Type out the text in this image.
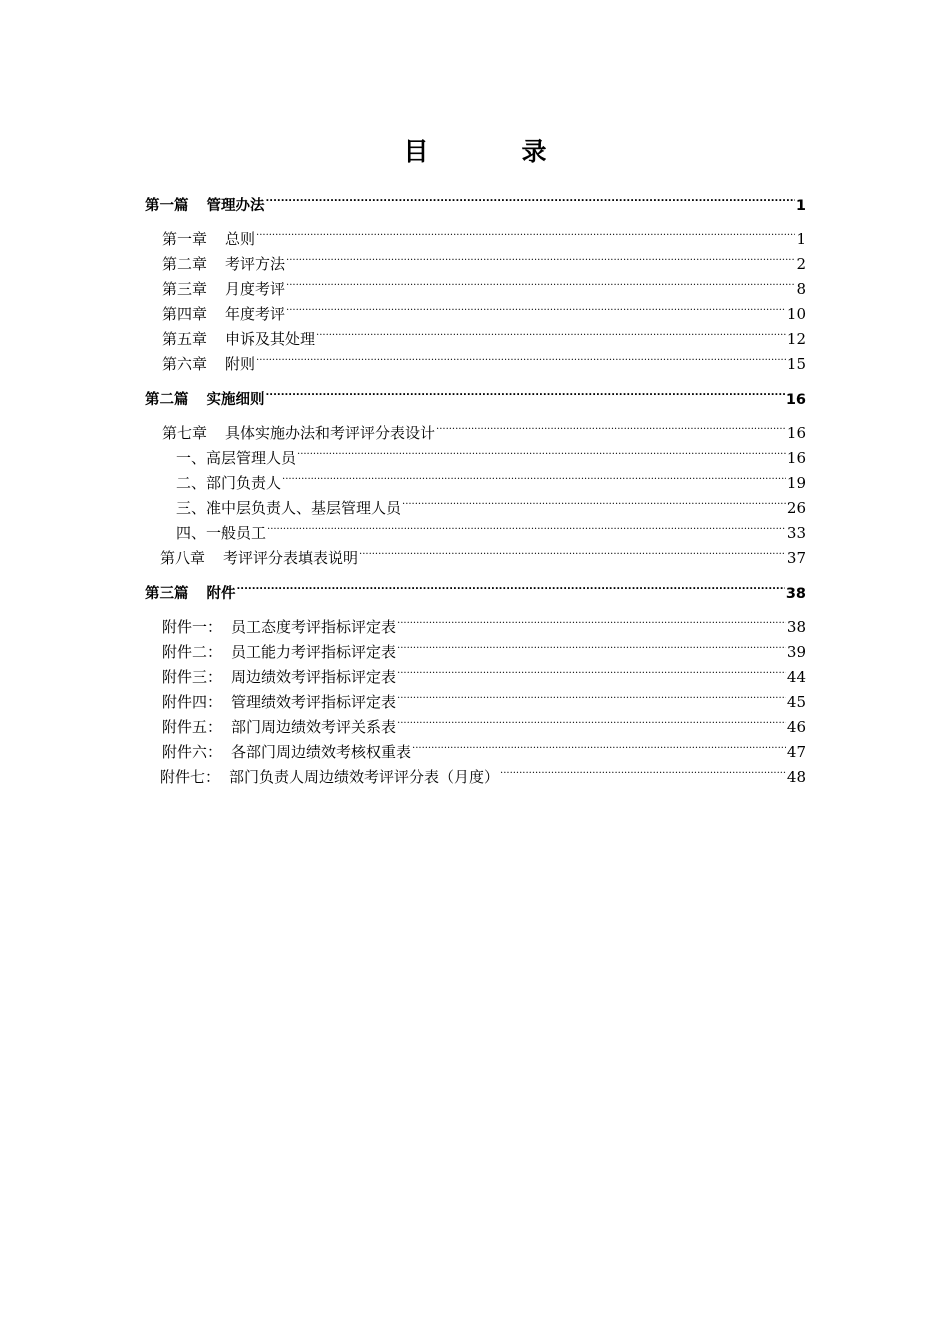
目　录
第一篇 管理办法 .....	1
第一章 总则 .....	1
第二章 考评方法 .....	2
第三章 月度考评 .....	8
第四章 年度考评 .....	10
第五章 申诉及其处理 .....	12
第六章 附则 .....	15
第二篇 实施细则 .....	16
第七章 具体实施办法和考评评分表设计 .....	16
一、高层管理人员 .....	16
二、部门负责人 .....	19
三、准中层负责人、基层管理人员 .....	26
四、一般员工 .....	33
第八章 考评评分表填表说明 .....	37
第三篇 附件 .....	38
附件一： 员工态度考评指标评定表 .....	38
附件二： 员工能力考评指标评定表 .....	39
附件三： 周边绩效考评指标评定表 .....	44
附件四： 管理绩效考评指标评定表 .....	45
附件五： 部门周边绩效考评关系表 .....	46
附件六： 各部门周边绩效考核权重表 .....	47
附件七： 部门负责人周边绩效考评评分表（月度） .....	48
